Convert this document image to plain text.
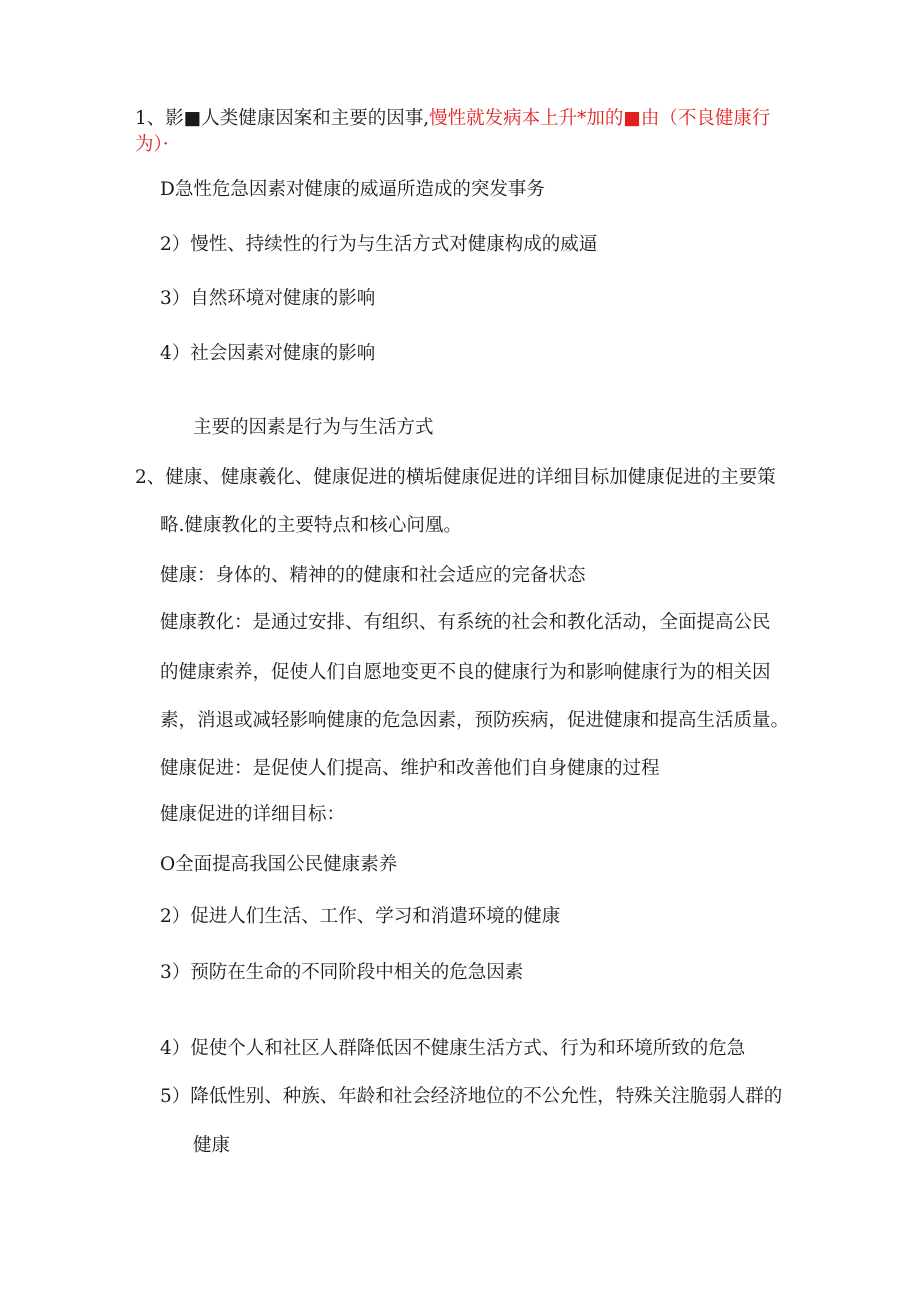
1、影■人类健康因案和主要的因事,慢性就发病本上升*加的■由（不良健康行
为）·
D急性危急因素对健康的威逼所造成的突发事务
2）慢性、持续性的行为与生活方式对健康构成的威逼
3）自然环境对健康的影响
4）社会因素对健康的影响
主要的因素是行为与生活方式
2、健康、健康羲化、健康促进的横垢健康促进的详细目标加健康促进的主要策
略.健康教化的主要特点和核心问凰。
健康：身体的、精神的的健康和社会适应的完备状态
健康教化：是通过安排、有组织、有系统的社会和教化活动，全面提高公民
的健康索养，促使人们自愿地变更不良的健康行为和影响健康行为的相关因
素，消退或减轻影响健康的危急因素，预防疾病，促进健康和提高生活质量。
健康促进：是促使人们提高、维护和改善他们自身健康的过程
健康促进的详细目标：
O全面提高我国公民健康素养
2）促进人们生活、工作、学习和消遣环境的健康
3）预防在生命的不同阶段中相关的危急因素
4）促使个人和社区人群降低因不健康生活方式、行为和环境所致的危急
5）降低性别、种族、年龄和社会经济地位的不公允性，特殊关注脆弱人群的
健康
